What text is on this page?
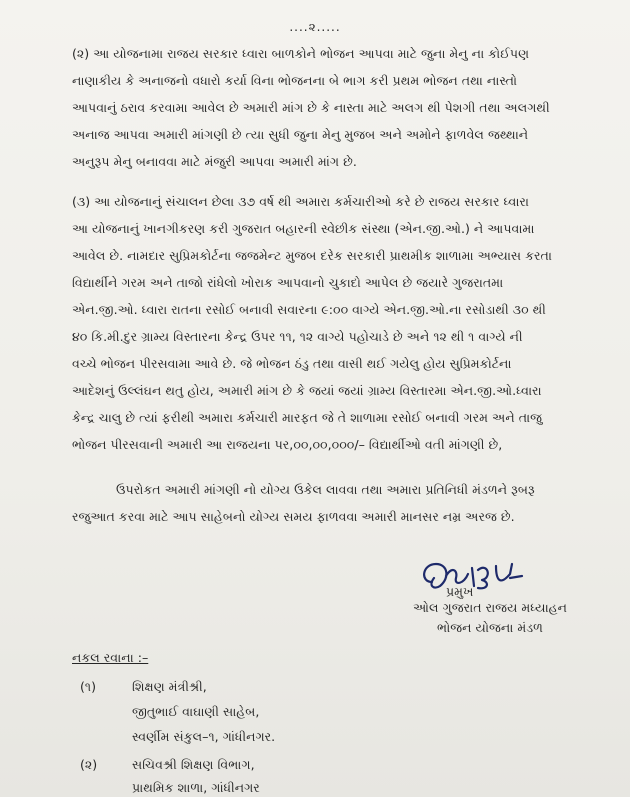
....૨.....
(૨) આ યોજનામા રાજય સરકાર ધ્વારા બાળકોને ભોજન આપવા માટે જુના મેનુ ના કોઈપણ
નાણાકીય કે અનાજનો વધારો કર્યા વિના ભોજનના બે ભાગ કરી પ્રથમ ભોજન તથા નાસ્તો
આપવાનું ઠરાવ કરવામા આવેલ છે અમારી માંગ છે કે નાસ્તા માટે અલગ થી પેશગી તથા અલગથી
અનાજ આપવા અમારી માંગણી છે ત્યા સુધી જુના મેનુ મુજબ અને અમોને ફાળવેલ જથ્થાને
અનુરૂપ મેનુ બનાવવા માટે મંજુરી આપવા અમારી માંગ છે.
(૩) આ યોજનાનું સંચાલન છેલા ૩૭ વર્ષ થી અમારા કર્મચારીઓ કરે છે રાજય સરકાર ધ્વારા
આ યોજનાનું ખાનગીકરણ કરી ગુજરાત બહારની સ્વેછીક સંસ્થા (એન.જી.ઓ.) ને આપવામા
આવેલ છે. નામદાર સુપ્રિમકોર્ટના જજમેન્ટ મુજબ દરેક સરકારી પ્રાથમીક શાળામા અભ્યાસ કરતા
વિદ્યાર્થીને ગરમ અને તાજો રાંધેલો ખોરાક આપવાનો ચુકાદો આપેલ છે જયારે ગુજરાતમા
એન.જી.ઓ. ધ્વારા રાતના રસોઈ બનાવી સવારના ૯:૦૦ વાગ્યે એન.જી.ઓ.ના રસોડાથી ૩૦ થી
૪૦ કિ.મી.દુર ગ્રામ્ય વિસ્તારના કેન્દ્ર ઉપર ૧૧, ૧૨ વાગ્યે પહોચાડે છે અને ૧૨ થી ૧ વાગ્યે ની
વચ્ચે ભોજન પીરસવામા આવે છે. જે ભોજન ઠંડુ તથા વાસી થઈ ગયેલુ હોય સુપ્રિમકોર્ટના
આદેશનું ઉલ્લંઘન થતુ હોય, અમારી માંગ છે કે જયાં જયાં ગ્રામ્ય વિસ્તારમા એન.જી.ઓ.ધ્વારા
કેન્દ્ર ચાલુ છે ત્યાં ફરીથી અમારા કર્મચારી મારફત જે તે શાળામા રસોઈ બનાવી ગરમ અને તાજુ
ભોજન પીરસવાની અમારી આ રાજયના પર,૦૦,૦૦,૦૦૦/– વિદ્યાર્થીઓ વતી માંગણી છે,
ઉપરોકત અમારી માંગણી નો યોગ્ય ઉકેલ લાવવા તથા અમારા પ્રતિનિધી મંડળને રૂબરૂ
રજુઆત કરવા માટે આપ સાહેબનો યોગ્ય સમય ફાળવવા અમારી માનસર નમ્ર અરજ છે.
પ્રમુખ
ઓલ ગુજરાત રાજય મધ્યાહન
ભોજન યોજના મંડળ
નકલ રવાના :–
(૧)	શિક્ષણ મંત્રીશ્રી,
જીતુભાઈ વાઘાણી સાહેબ,
સ્વર્ણીમ સંકુલ–૧, ગાંધીનગર.
(૨)	સચિવશ્રી શિક્ષણ વિભાગ,
પ્રાથમિક શાળા, ગાંધીનગર
